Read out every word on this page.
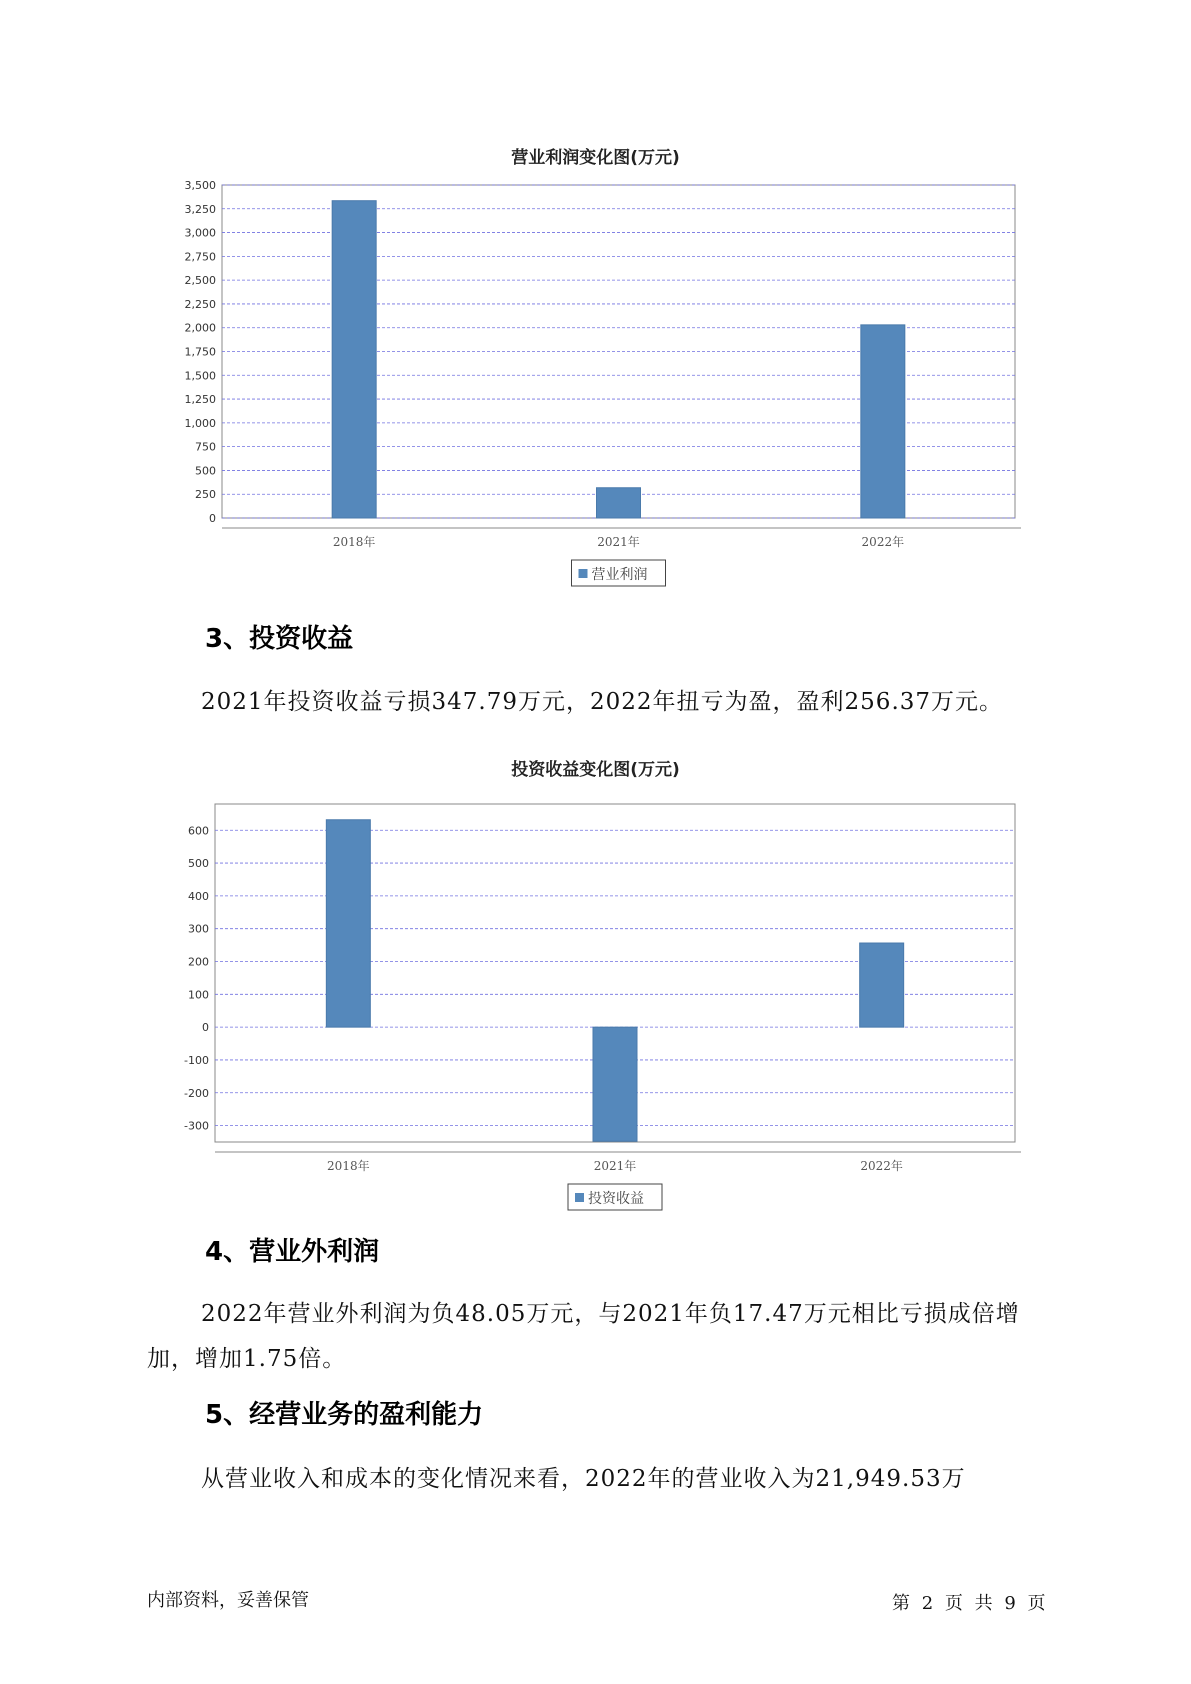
营业利润变化图(万元)
0
250
500
750
1,000
1,250
1,500
1,750
2,000
2,250
2,500
2,750
3,000
3,250
3,500
2018年	2021年	2022年
营业利润
3、投资收益

2021年投资收益亏损347.79万元，2022年扭亏为盈，盈利256.37万元。

投资收益变化图(万元)
-300
-200
-100
0
100
200
300
400
500
600
2018年	2021年	2022年
投资收益
4、营业外利润

2022年营业外利润为负48.05万元，与2021年负17.47万元相比亏损成倍增加，增加1.75倍。

5、经营业务的盈利能力

从营业收入和成本的变化情况来看，2022年的营业收入为21,949.53万

内部资料，妥善保管	第 2 页 共 9 页
